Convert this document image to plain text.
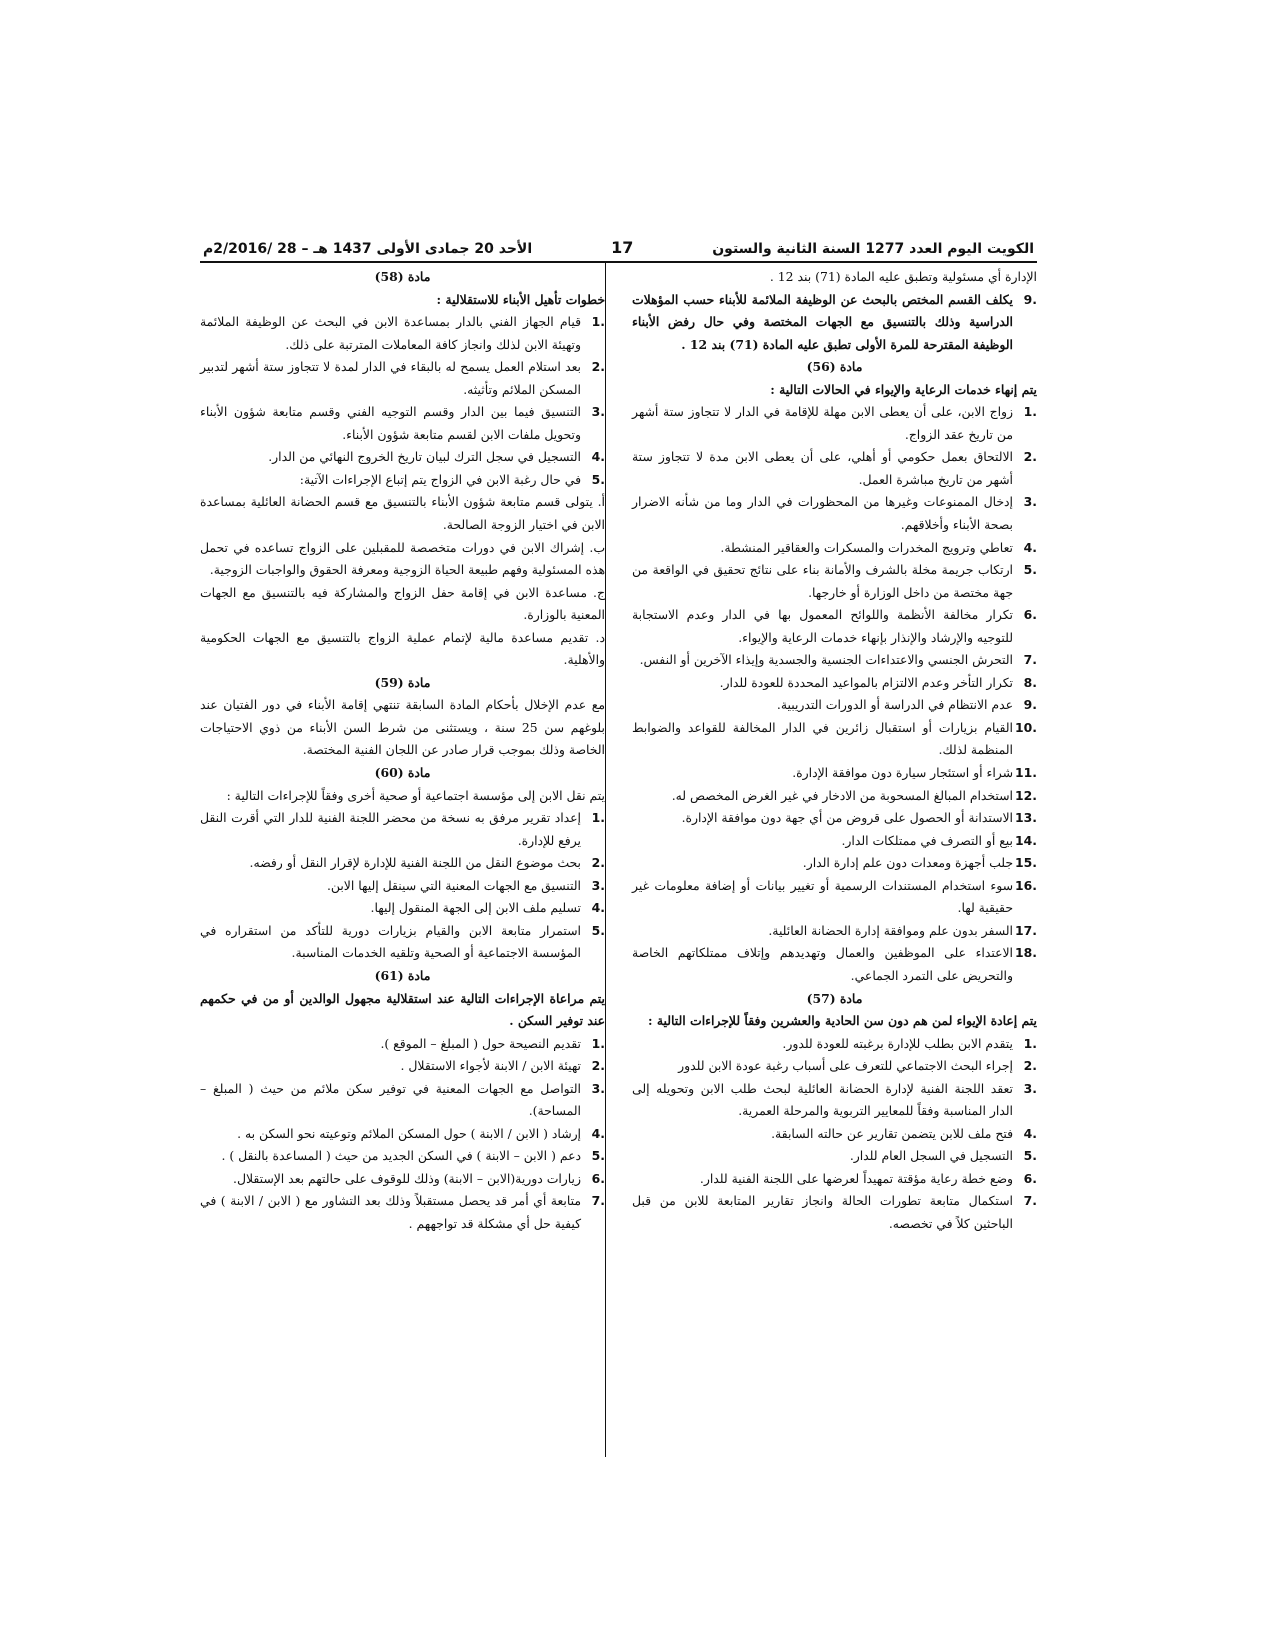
الكويت اليوم العدد 1277 السنة الثانية والستون
17
الأحد 20 جمادى الأولى 1437 هـ – 28 /2/2016م

الإدارة أي مسئولية وتطبق عليه المادة (71) بند 12 .

9.
يكلف القسم المختص بالبحث عن الوظيفة الملائمة للأبناء حسب المؤهلات الدراسية وذلك بالتنسيق مع الجهات المختصة وفي حال رفض الأبناء الوظيفة المقترحة للمرة الأولى تطبق عليه المادة (71) بند 12 .

مادة (56)

يتم إنهاء خدمات الرعاية والإيواء في الحالات التالية :

1.
زواج الابن، على أن يعطى الابن مهلة للإقامة في الدار لا تتجاوز ستة أشهر من تاريخ عقد الزواج.
2.
الالتحاق بعمل حكومي أو أهلي، على أن يعطى الابن مدة لا تتجاوز ستة أشهر من تاريخ مباشرة العمل.
3.
إدخال الممنوعات وغيرها من المحظورات في الدار وما من شأنه الاضرار بصحة الأبناء وأخلاقهم.
4.
تعاطي وترويج المخدرات والمسكرات والعقاقير المنشطة.
5.
ارتكاب جريمة مخلة بالشرف والأمانة بناء على نتائج تحقيق في الواقعة من جهة مختصة من داخل الوزارة أو خارجها.
6.
تكرار مخالفة الأنظمة واللوائح المعمول بها في الدار وعدم الاستجابة للتوجيه والإرشاد والإنذار بإنهاء خدمات الرعاية والإيواء.
7.
التحرش الجنسي والاعتداءات الجنسية والجسدية وإيذاء الآخرين أو النفس.
8.
تكرار التأخر وعدم الالتزام بالمواعيد المحددة للعودة للدار.
9.
عدم الانتظام في الدراسة أو الدورات التدريبية.
10.
القيام بزيارات أو استقبال زائرين في الدار المخالفة للقواعد والضوابط المنظمة لذلك.
11.
شراء أو استئجار سيارة دون موافقة الإدارة.
12.
استخدام المبالغ المسحوبة من الادخار في غير الغرض المخصص له.
13.
الاستدانة أو الحصول على قروض من أي جهة دون موافقة الإدارة.
14.
بيع أو التصرف في ممتلكات الدار.
15.
جلب أجهزة ومعدات دون علم إدارة الدار.
16.
سوء استخدام المستندات الرسمية أو تغيير بيانات أو إضافة معلومات غير حقيقية لها.
17.
السفر بدون علم وموافقة إدارة الحضانة العائلية.
18.
الاعتداء على الموظفين والعمال وتهديدهم وإتلاف ممتلكاتهم الخاصة والتحريض على التمرد الجماعي.

مادة (57)

يتم إعادة الإيواء لمن هم دون سن الحادية والعشرين وفقاً للإجراءات التالية :

1.
يتقدم الابن بطلب للإدارة برغبته للعودة للدور.
2.
إجراء البحث الاجتماعي للتعرف على أسباب رغبة عودة الابن للدور
3.
تعقد اللجنة الفنية لإدارة الحضانة العائلية لبحث طلب الابن وتحويله إلى الدار المناسبة وفقاً للمعايير التربوية والمرحلة العمرية.
4.
فتح ملف للابن يتضمن تقارير عن حالته السابقة.
5.
التسجيل في السجل العام للدار.
6.
وضع خطة رعاية مؤقتة تمهيداً لعرضها على اللجنة الفنية للدار.
7.
استكمال متابعة تطورات الحالة وانجاز تقارير المتابعة للابن من قبل الباحثين كلاً في تخصصه.

مادة (58)

خطوات تأهيل الأبناء للاستقلالية :

1.
قيام الجهاز الفني بالدار بمساعدة الابن في البحث عن الوظيفة الملائمة وتهيئة الابن لذلك وانجاز كافة المعاملات المترتبة على ذلك.
2.
بعد استلام العمل يسمح له بالبقاء في الدار لمدة لا تتجاوز ستة أشهر لتدبير المسكن الملائم وتأثيثه.
3.
التنسيق فيما بين الدار وقسم التوجيه الفني وقسم متابعة شؤون الأبناء وتحويل ملفات الابن لقسم متابعة شؤون الأبناء.
4.
التسجيل في سجل الترك لبيان تاريخ الخروج النهائي من الدار.
5.
في حال رغبة الابن في الزواج يتم إتباع الإجراءات الآتية:

أ. يتولى قسم متابعة شؤون الأبناء بالتنسيق مع قسم الحضانة العائلية بمساعدة الابن في اختيار الزوجة الصالحة.

ب. إشراك الابن في دورات متخصصة للمقبلين على الزواج تساعده في تحمل هذه المسئولية وفهم طبيعة الحياة الزوجية ومعرفة الحقوق والواجبات الزوجية.

ج. مساعدة الابن في إقامة حفل الزواج والمشاركة فيه بالتنسيق مع الجهات المعنية بالوزارة.

د. تقديم مساعدة مالية لإتمام عملية الزواج بالتنسيق مع الجهات الحكومية والأهلية.

مادة (59)

مع عدم الإخلال بأحكام المادة السابقة تنتهي إقامة الأبناء في دور الفتيان عند بلوغهم سن 25 سنة ، ويستثنى من شرط السن الأبناء من ذوي الاحتياجات الخاصة وذلك بموجب قرار صادر عن اللجان الفنية المختصة.

مادة (60)

يتم نقل الابن إلى مؤسسة اجتماعية أو صحية أخرى وفقاً للإجراءات التالية :

1.
إعداد تقرير مرفق به نسخة من محضر اللجنة الفنية للدار التي أقرت النقل يرفع للإدارة.
2.
بحث موضوع النقل من اللجنة الفنية للإدارة لإقرار النقل أو رفضه.
3.
التنسيق مع الجهات المعنية التي سينقل إليها الابن.
4.
تسليم ملف الابن إلى الجهة المنقول إليها.
5.
استمرار متابعة الابن والقيام بزيارات دورية للتأكد من استقراره في المؤسسة الاجتماعية أو الصحية وتلقيه الخدمات المناسبة.

مادة (61)

يتم مراعاة الإجراءات التالية عند استقلالية مجهول الوالدين أو من في حكمهم عند توفير السكن .

1.
تقديم النصيحة حول ( المبلغ – الموقع ).
2.
تهيئة الابن / الابنة لأجواء الاستقلال .
3.
التواصل مع الجهات المعنية في توفير سكن ملائم من حيث ( المبلغ – المساحة).
4.
إرشاد ( الابن / الابنة ) حول المسكن الملائم وتوعيته نحو السكن به .
5.
دعم ( الابن – الابنة ) في السكن الجديد من حيث ( المساعدة بالنقل ) .
6.
زيارات دورية(الابن – الابنة) وذلك للوقوف على حالتهم بعد الإستقلال.
7.
متابعة أي أمر قد يحصل مستقبلاً وذلك بعد التشاور مع ( الابن / الابنة ) في كيفية حل أي مشكلة قد تواجههم .
